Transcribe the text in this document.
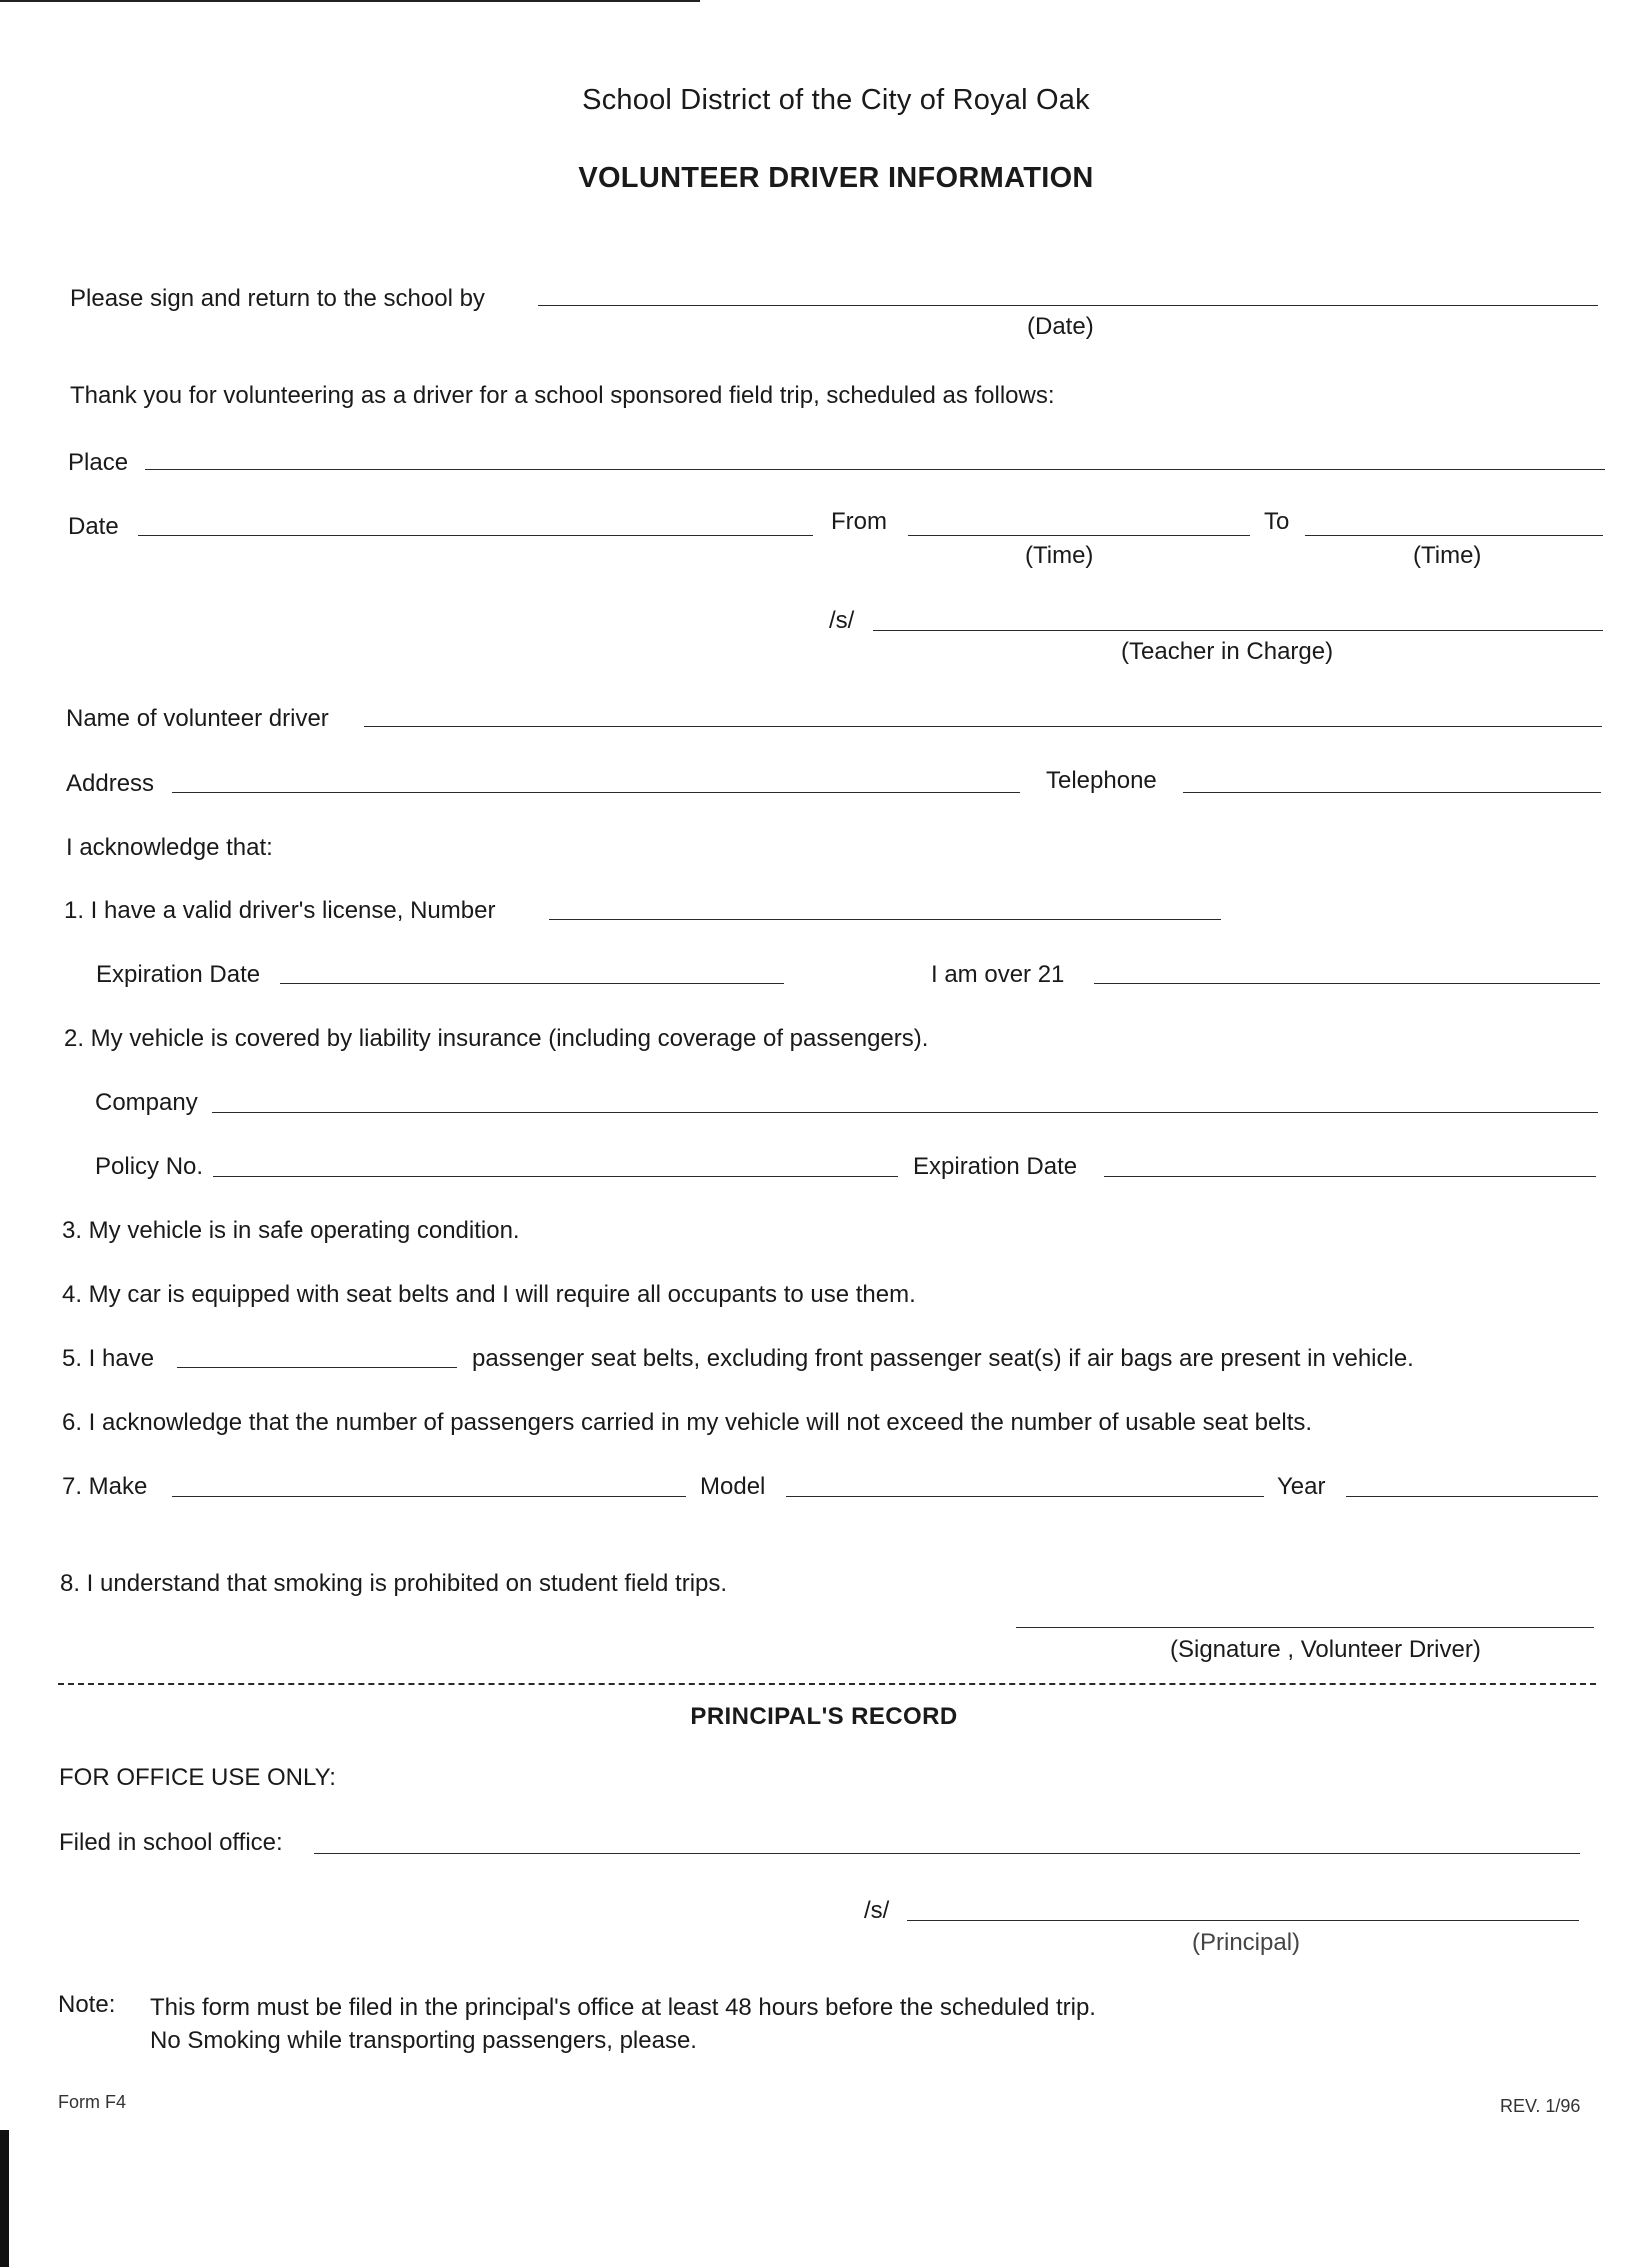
School District of the City of Royal Oak
VOLUNTEER DRIVER INFORMATION
Please sign and return to the school by
(Date)
Thank you for volunteering as a driver for a school sponsored field trip, scheduled as follows:
Place
Date	From	To
(Time)	(Time)
/s/
(Teacher in Charge)
Name of volunteer driver
Address	Telephone
I acknowledge that:
1. I have a valid driver's license, Number
Expiration Date	I am over 21
2. My vehicle is covered by liability insurance (including coverage of passengers).
Company
Policy No.	Expiration Date
3. My vehicle is in safe operating condition.
4. My car is equipped with seat belts and I will require all occupants to use them.
5. I have	passenger seat belts, excluding front passenger seat(s) if air bags are present in vehicle.
6. I acknowledge that the number of passengers carried in my vehicle will not exceed the number of usable seat belts.
7. Make	Model	Year
8. I understand that smoking is prohibited on student field trips.
(Signature , Volunteer Driver)
PRINCIPAL'S RECORD
FOR OFFICE USE ONLY:
Filed in school office:
/s/
(Principal)
Note: This form must be filed in the principal's office at least 48 hours before the scheduled trip.
No Smoking while transporting passengers, please.
Form F4	REV. 1/96
